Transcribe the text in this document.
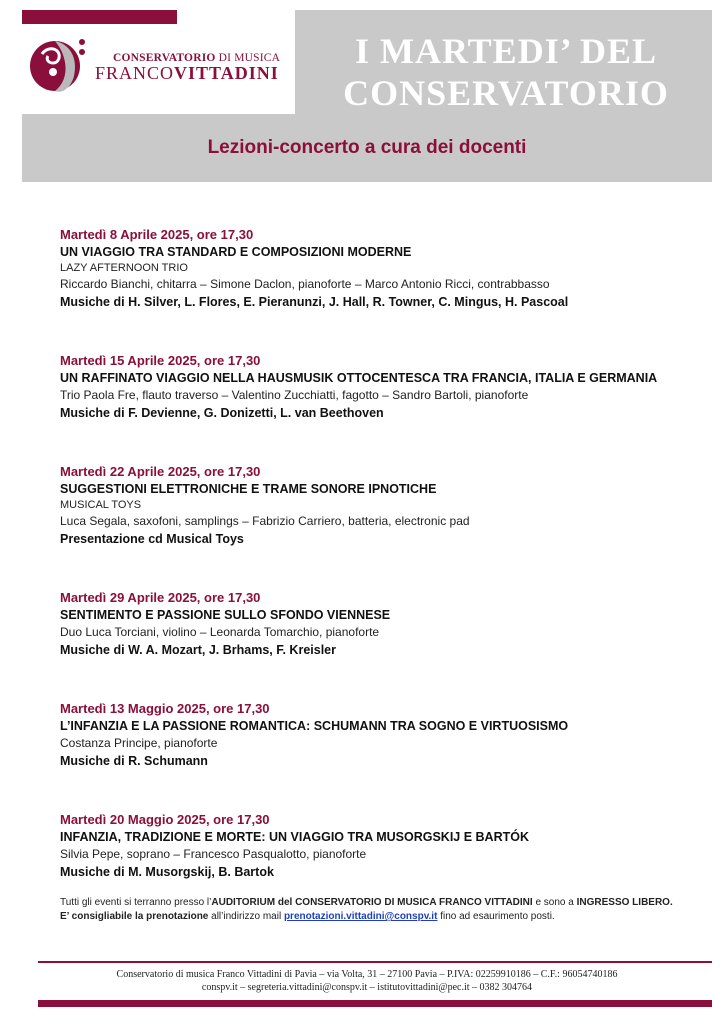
CONSERVATORIO DI MUSICA
FRANCOVITTADINI
I MARTEDI’ DEL
CONSERVATORIO
Lezioni-concerto a cura dei docenti
Martedì 8 Aprile 2025, ore 17,30
UN VIAGGIO TRA STANDARD E COMPOSIZIONI MODERNE
LAZY AFTERNOON TRIO
Riccardo Bianchi, chitarra – Simone Daclon, pianoforte – Marco Antonio Ricci, contrabbasso
Musiche di H. Silver, L. Flores, E. Pieranunzi, J. Hall, R. Towner, C. Mingus, H. Pascoal
Martedì 15 Aprile 2025, ore 17,30
UN RAFFINATO VIAGGIO NELLA HAUSMUSIK OTTOCENTESCA TRA FRANCIA, ITALIA E GERMANIA
Trio Paola Fre, flauto traverso – Valentino Zucchiatti, fagotto – Sandro Bartoli, pianoforte
Musiche di F. Devienne, G. Donizetti, L. van Beethoven
Martedì 22 Aprile 2025, ore 17,30
SUGGESTIONI ELETTRONICHE E TRAME SONORE IPNOTICHE
MUSICAL TOYS
Luca Segala, saxofoni, samplings – Fabrizio Carriero, batteria, electronic pad
Presentazione cd Musical Toys
Martedì 29 Aprile 2025, ore 17,30
SENTIMENTO E PASSIONE SULLO SFONDO VIENNESE
Duo Luca Torciani, violino – Leonarda Tomarchio, pianoforte
Musiche di W. A. Mozart, J. Brhams, F. Kreisler
Martedì 13 Maggio 2025, ore 17,30
L’INFANZIA E LA PASSIONE ROMANTICA: SCHUMANN TRA SOGNO E VIRTUOSISMO
Costanza Principe, pianoforte
Musiche di R. Schumann
Martedì 20 Maggio 2025, ore 17,30
INFANZIA, TRADIZIONE E MORTE: UN VIAGGIO TRA MUSORGSKIJ E BARTÓK
Silvia Pepe, soprano – Francesco Pasqualotto, pianoforte
Musiche di M. Musorgskij, B. Bartok
Tutti gli eventi si terranno presso l’AUDITORIUM del CONSERVATORIO DI MUSICA FRANCO VITTADINI e sono a INGRESSO LIBERO.
E’ consigliabile la prenotazione all’indirizzo mail prenotazioni.vittadini@conspv.it fino ad esaurimento posti.
Conservatorio di musica Franco Vittadini di Pavia – via Volta, 31 – 27100 Pavia – P.IVA: 02259910186 – C.F.: 96054740186
conspv.it – segreteria.vittadini@conspv.it – istitutovittadini@pec.it – 0382 304764
